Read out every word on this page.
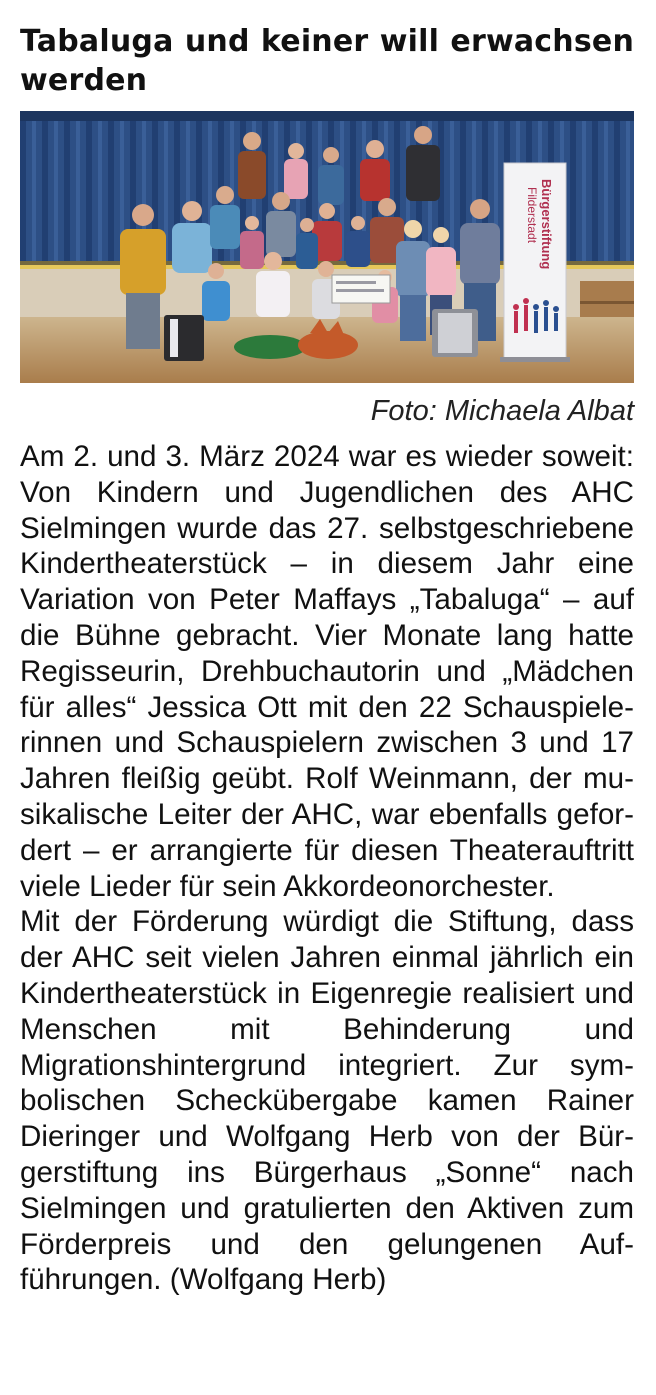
Tabaluga und keiner will erwachsen werden
Bürgerstiftung
Filderstadt
Foto: Michaela Albat

Am 2. und 3. März 2024 war es wieder soweit: Von Kindern und Jugendlichen des AHC Sielmingen wurde das 27. selbstgeschriebene Kindertheaterstück – in diesem Jahr eine Variation von Peter Maffays „Tabaluga“ – auf die Bühne gebracht. Vier Monate lang hatte Regisseurin, Drehbuchautorin und „Mädchen für alles“ Jessica Ott mit den 22 Schauspielerinnen und Schauspielern zwischen 3 und 17 Jahren fleißig geübt. Rolf Weinmann, der musikalische Leiter der AHC, war ebenfalls gefordert – er arrangierte für diesen Theaterauftritt viele Lieder für sein Akkordeonorchester.

Mit der Förderung würdigt die Stiftung, dass der AHC seit vielen Jahren einmal jährlich ein Kindertheaterstück in Eigenregie realisiert und Menschen mit Behinderung und Migrationshintergrund integriert. Zur symbolischen Scheckübergabe kamen Rainer Dieringer und Wolfgang Herb von der Bürgerstiftung ins Bürgerhaus „Sonne“ nach Sielmingen und gratulierten den Aktiven zum Förderpreis und den gelungenen Aufführungen. (Wolfgang Herb)
